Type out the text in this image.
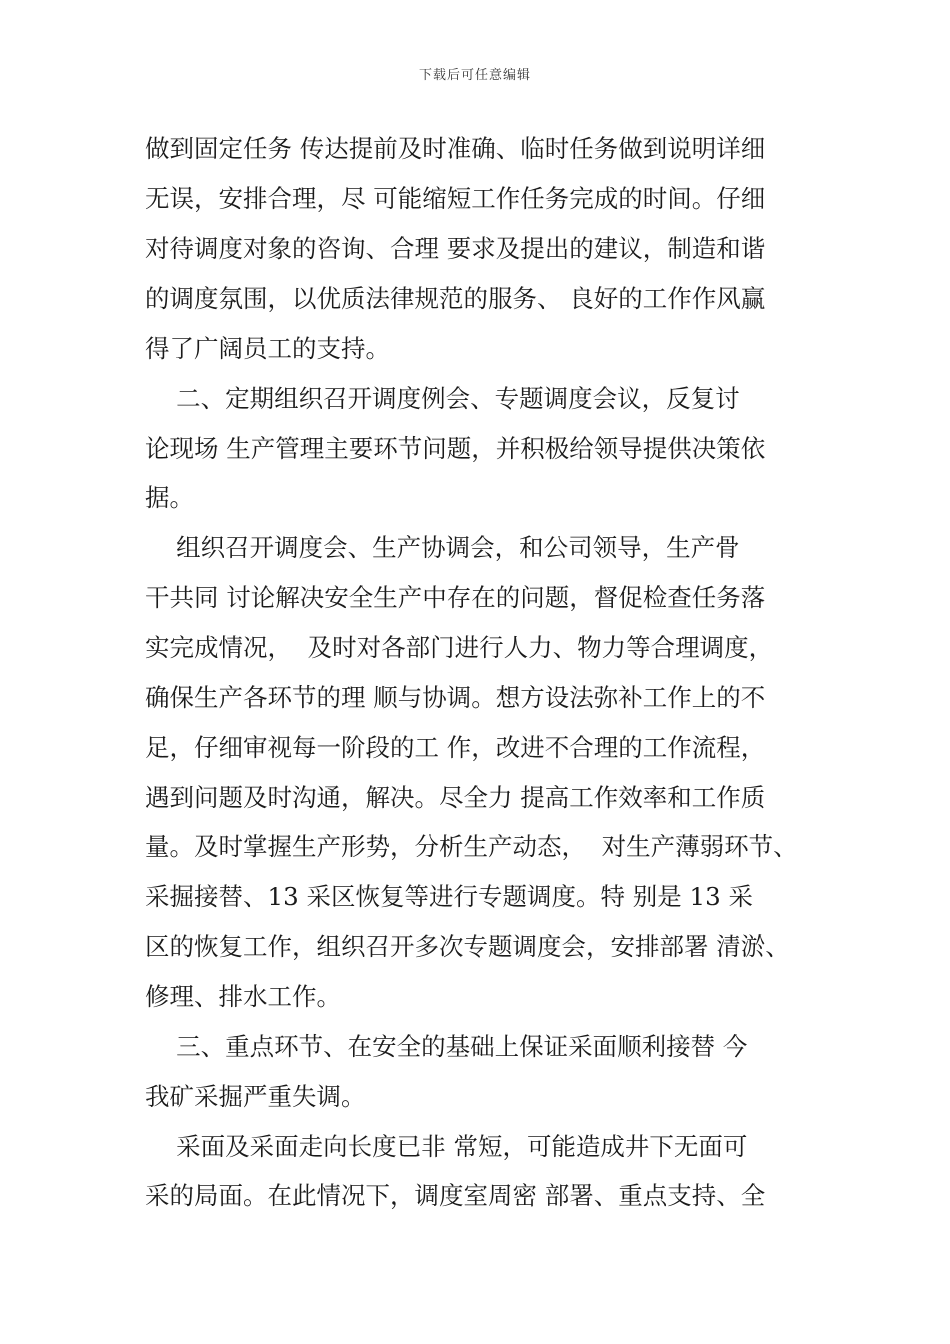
下载后可任意编辑
做到固定任务 传达提前及时准确、临时任务做到说明详细
无误，安排合理，尽 可能缩短工作任务完成的时间。仔细
对待调度对象的咨询、合理 要求及提出的建议，制造和谐
的调度氛围，以优质法律规范的服务、 良好的工作作风赢
得了广阔员工的支持。
二、定期组织召开调度例会、专题调度会议，反复讨
论现场 生产管理主要环节问题，并积极给领导提供决策依
据。
组织召开调度会、生产协调会，和公司领导，生产骨
干共同 讨论解决安全生产中存在的问题，督促检查任务落
实完成情况，  及时对各部门进行人力、物力等合理调度，
确保生产各环节的理 顺与协调。想方设法弥补工作上的不
足，仔细审视每一阶段的工 作，改进不合理的工作流程，
遇到问题及时沟通，解决。尽全力 提高工作效率和工作质
量。及时掌握生产形势，分析生产动态，  对生产薄弱环节、
采掘接替、13 采区恢复等进行专题调度。特 别是 13 采
区的恢复工作，组织召开多次专题调度会，安排部署 清淤、
修理、排水工作。
三、重点环节、在安全的基础上保证采面顺利接替 今
我矿采掘严重失调。
采面及采面走向长度已非 常短，可能造成井下无面可
采的局面。在此情况下，调度室周密 部署、重点支持、全
